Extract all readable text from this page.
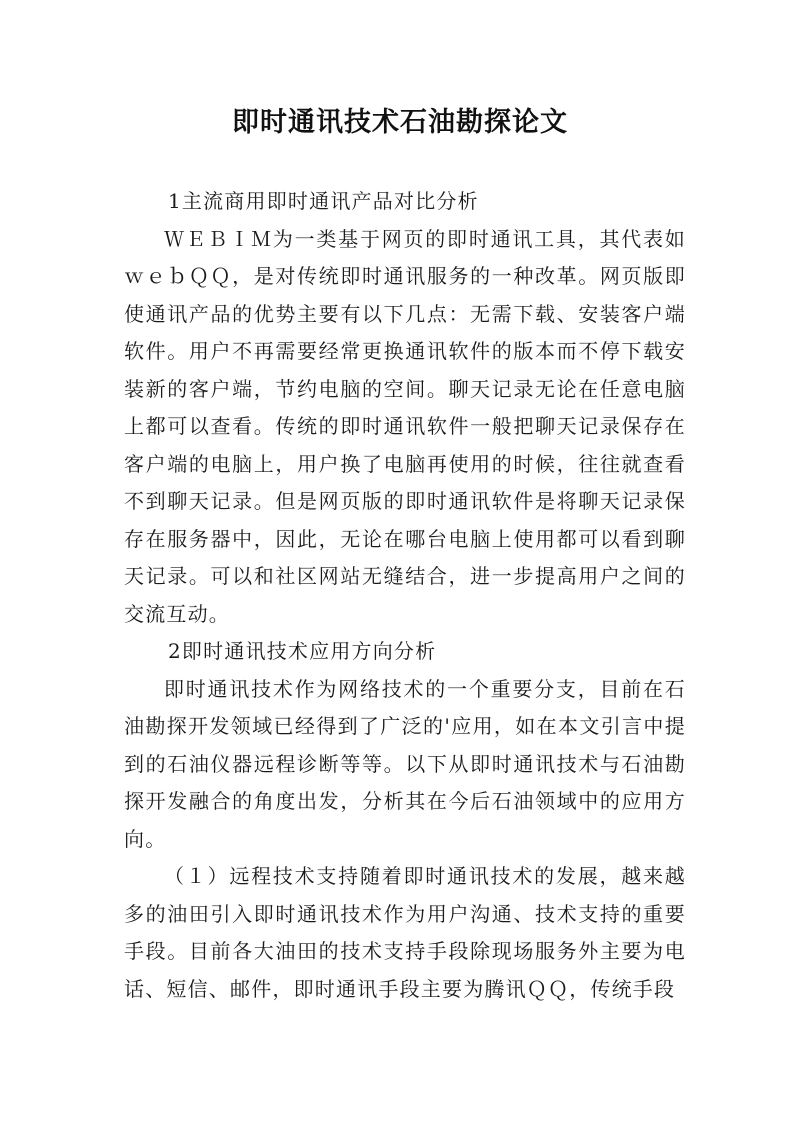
即时通讯技术石油勘探论文

1主流商用即时通讯产品对比分析

ＷＥＢＩＭ为一类基于网页的即时通讯工具，其代表如ｗｅｂＱＱ，是对传统即时通讯服务的一种改革。网页版即使通讯产品的优势主要有以下几点：无需下载、安装客户端软件。用户不再需要经常更换通讯软件的版本而不停下载安装新的客户端，节约电脑的空间。聊天记录无论在任意电脑上都可以查看。传统的即时通讯软件一般把聊天记录保存在客户端的电脑上，用户换了电脑再使用的时候，往往就查看不到聊天记录。但是网页版的即时通讯软件是将聊天记录保存在服务器中，因此，无论在哪台电脑上使用都可以看到聊天记录。可以和社区网站无缝结合，进一步提高用户之间的交流互动。

2即时通讯技术应用方向分析

即时通讯技术作为网络技术的一个重要分支，目前在石油勘探开发领域已经得到了广泛的'应用，如在本文引言中提到的石油仪器远程诊断等等。以下从即时通讯技术与石油勘探开发融合的角度出发，分析其在今后石油领域中的应用方向。

（１）远程技术支持随着即时通讯技术的发展，越来越多的油田引入即时通讯技术作为用户沟通、技术支持的重要手段。目前各大油田的技术支持手段除现场服务外主要为电话、短信、邮件，即时通讯手段主要为腾讯ＱＱ，传统手段
